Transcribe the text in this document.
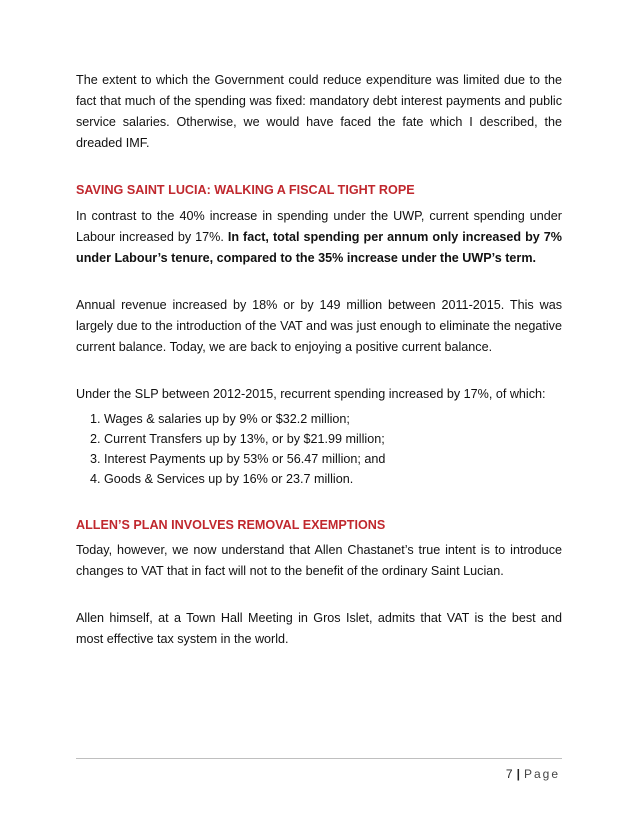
The extent to which the Government could reduce expenditure was limited due to the fact that much of the spending was fixed: mandatory debt interest payments and public service salaries. Otherwise, we would have faced the fate which I described, the dreaded IMF.

SAVING SAINT LUCIA: WALKING A FISCAL TIGHT ROPE

In contrast to the 40% increase in spending under the UWP, current spending under Labour increased by 17%. In fact, total spending per annum only increased by 7% under Labour’s tenure, compared to the 35% increase under the UWP’s term.

Annual revenue increased by 18% or by 149 million between 2011-2015. This was largely due to the introduction of the VAT and was just enough to eliminate the negative current balance. Today, we are back to enjoying a positive current balance.

Under the SLP between 2012-2015, recurrent spending increased by 17%, of which:

1. Wages & salaries up by 9% or $32.2 million;
2. Current Transfers up by 13%, or by $21.99 million;
3. Interest Payments up by 53% or 56.47 million; and
4. Goods & Services up by 16% or 23.7 million.

ALLEN’S PLAN INVOLVES REMOVAL EXEMPTIONS

Today, however, we now understand that Allen Chastanet’s true intent is to introduce changes to VAT that in fact will not to the benefit of the ordinary Saint Lucian.

Allen himself, at a Town Hall Meeting in Gros Islet, admits that VAT is the best and most effective tax system in the world.

7 | Page
